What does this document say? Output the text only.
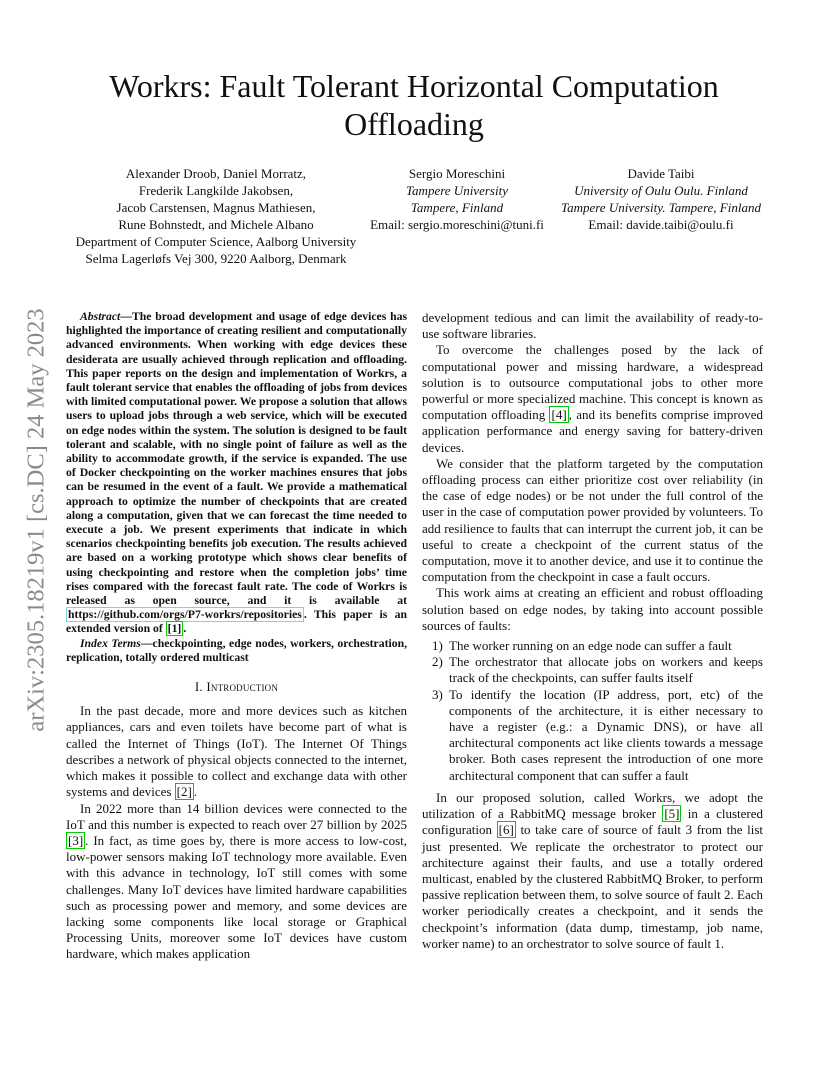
arXiv:2305.18219v1 [cs.DC] 24 May 2023
Workrs: Fault Tolerant Horizontal Computation
Offloading
Alexander Droob, Daniel Morratz,
Frederik Langkilde Jakobsen,
Jacob Carstensen, Magnus Mathiesen,
Rune Bohnstedt, and Michele Albano
Department of Computer Science, Aalborg University
Selma Lagerløfs Vej 300, 9220 Aalborg, Denmark
Sergio Moreschini
Tampere University
Tampere, Finland
Email: sergio.moreschini@tuni.fi
Davide Taibi
University of Oulu Oulu. Finland
Tampere University. Tampere, Finland
Email: davide.taibi@oulu.fi

Abstract—The broad development and usage of edge devices has highlighted the importance of creating resilient and computationally advanced environments. When working with edge devices these desiderata are usually achieved through replication and offloading. This paper reports on the design and implementation of Workrs, a fault tolerant service that enables the offloading of jobs from devices with limited computational power. We propose a solution that allows users to upload jobs through a web service, which will be executed on edge nodes within the system. The solution is designed to be fault tolerant and scalable, with no single point of failure as well as the ability to accommodate growth, if the service is expanded. The use of Docker checkpointing on the worker machines ensures that jobs can be resumed in the event of a fault. We provide a mathematical approach to optimize the number of checkpoints that are created along a computation, given that we can forecast the time needed to execute a job. We present experiments that indicate in which scenarios checkpointing benefits job execution. The results achieved are based on a working prototype which shows clear benefits of using checkpointing and restore when the completion jobs’ time rises compared with the forecast fault rate. The code of Workrs is released as open source, and it is available at https://github.com/orgs/P7-workrs/repositories . This paper is an extended version of [1] .

Index Terms—checkpointing, edge nodes, workers, orchestration, replication, totally ordered multicast

I. Introduction

In the past decade, more and more devices such as kitchen appliances, cars and even toilets have become part of what is called the Internet of Things (IoT). The Internet Of Things describes a network of physical objects connected to the internet, which makes it possible to collect and exchange data with other systems and devices [2] .

In 2022 more than 14 billion devices were connected to the IoT and this number is expected to reach over 27 billion by 2025 [3] . In fact, as time goes by, there is more access to low-cost, low-power sensors making IoT technology more available. Even with this advance in technology, IoT still comes with some challenges. Many IoT devices have limited hardware capabilities such as processing power and memory, and some devices are lacking some components like local storage or Graphical Processing Units, moreover some IoT devices have custom hardware, which makes application

development tedious and can limit the availability of ready-to-use software libraries.

To overcome the challenges posed by the lack of computational power and missing hardware, a widespread solution is to outsource computational jobs to other more powerful or more specialized machine. This concept is known as computation offloading [4] , and its benefits comprise improved application performance and energy saving for battery-driven devices.

We consider that the platform targeted by the computation offloading process can either prioritize cost over reliability (in the case of edge nodes) or be not under the full control of the user in the case of computation power provided by volunteers. To add resilience to faults that can interrupt the current job, it can be useful to create a checkpoint of the current status of the computation, move it to another device, and use it to continue the computation from the checkpoint in case a fault occurs.

This work aims at creating an efficient and robust offloading solution based on edge nodes, by taking into account possible sources of faults:

1) The worker running on an edge node can suffer a fault
2) The orchestrator that allocate jobs on workers and keeps track of the checkpoints, can suffer faults itself
3) To identify the location (IP address, port, etc) of the components of the architecture, it is either necessary to have a register (e.g.: a Dynamic DNS), or have all architectural components act like clients towards a message broker. Both cases represent the introduction of one more architectural component that can suffer a fault

In our proposed solution, called Workrs, we adopt the utilization of a RabbitMQ message broker [5] in a clustered configuration [6] to take care of source of fault 3 from the list just presented. We replicate the orchestrator to protect our architecture against their faults, and use a totally ordered multicast, enabled by the clustered RabbitMQ Broker, to perform passive replication between them, to solve source of fault 2. Each worker periodically creates a checkpoint, and it sends the checkpoint’s information (data dump, timestamp, job name, worker name) to an orchestrator to solve source of fault 1.
